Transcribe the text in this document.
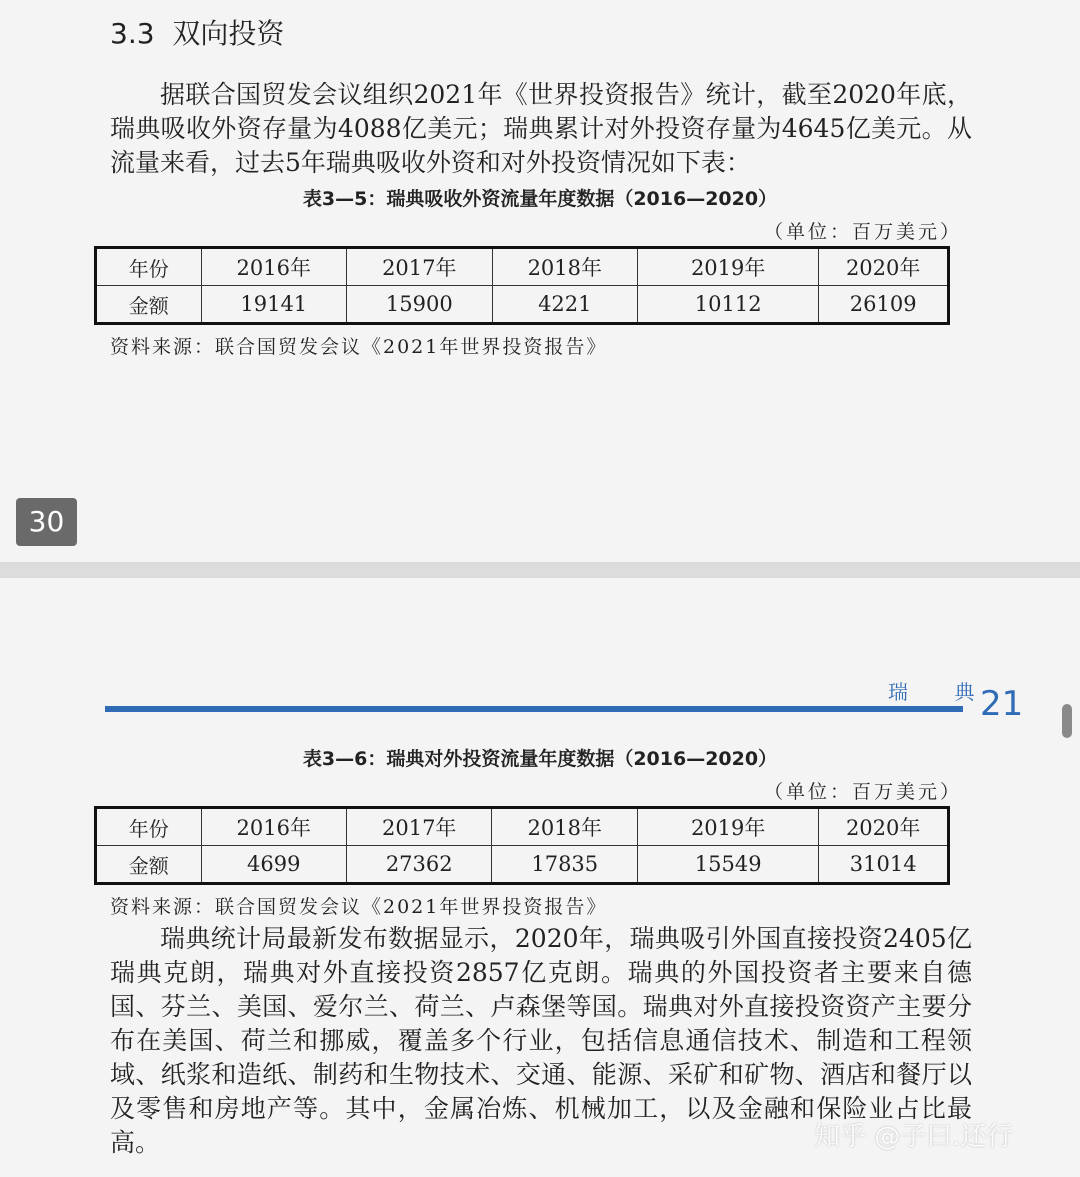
3.3 双向投资

据联合国贸发会议组织2021年《世界投资报告》统计，截至2020年底，瑞典吸收外资存量为4088亿美元；瑞典累计对外投资存量为4645亿美元。从流量来看，过去5年瑞典吸收外资和对外投资情况如下表：

表3—5：瑞典吸收外资流量年度数据（2016—2020）
（单位：百万美元）
年份	2016年	2017年	2018年	2019年	2020年
金额	19141	15900	4221	10112	26109
资料来源：联合国贸发会议《2021年世界投资报告》
30
瑞 典
21
表3—6：瑞典对外投资流量年度数据（2016—2020）
（单位：百万美元）
年份	2016年	2017年	2018年	2019年	2020年
金额	4699	27362	17835	15549	31014
资料来源：联合国贸发会议《2021年世界投资报告》

瑞典统计局最新发布数据显示，2020年，瑞典吸引外国直接投资2405亿瑞典克朗，瑞典对外直接投资2857亿克朗。瑞典的外国投资者主要来自德国、芬兰、美国、爱尔兰、荷兰、卢森堡等国。瑞典对外直接投资资产主要分布在美国、荷兰和挪威，覆盖多个行业，包括信息通信技术、制造和工程领域、纸浆和造纸、制药和生物技术、交通、能源、采矿和矿物、酒店和餐厅以及零售和房地产等。其中，金属冶炼、机械加工，以及金融和保险业占比最高。	知乎 @子曰.还行
